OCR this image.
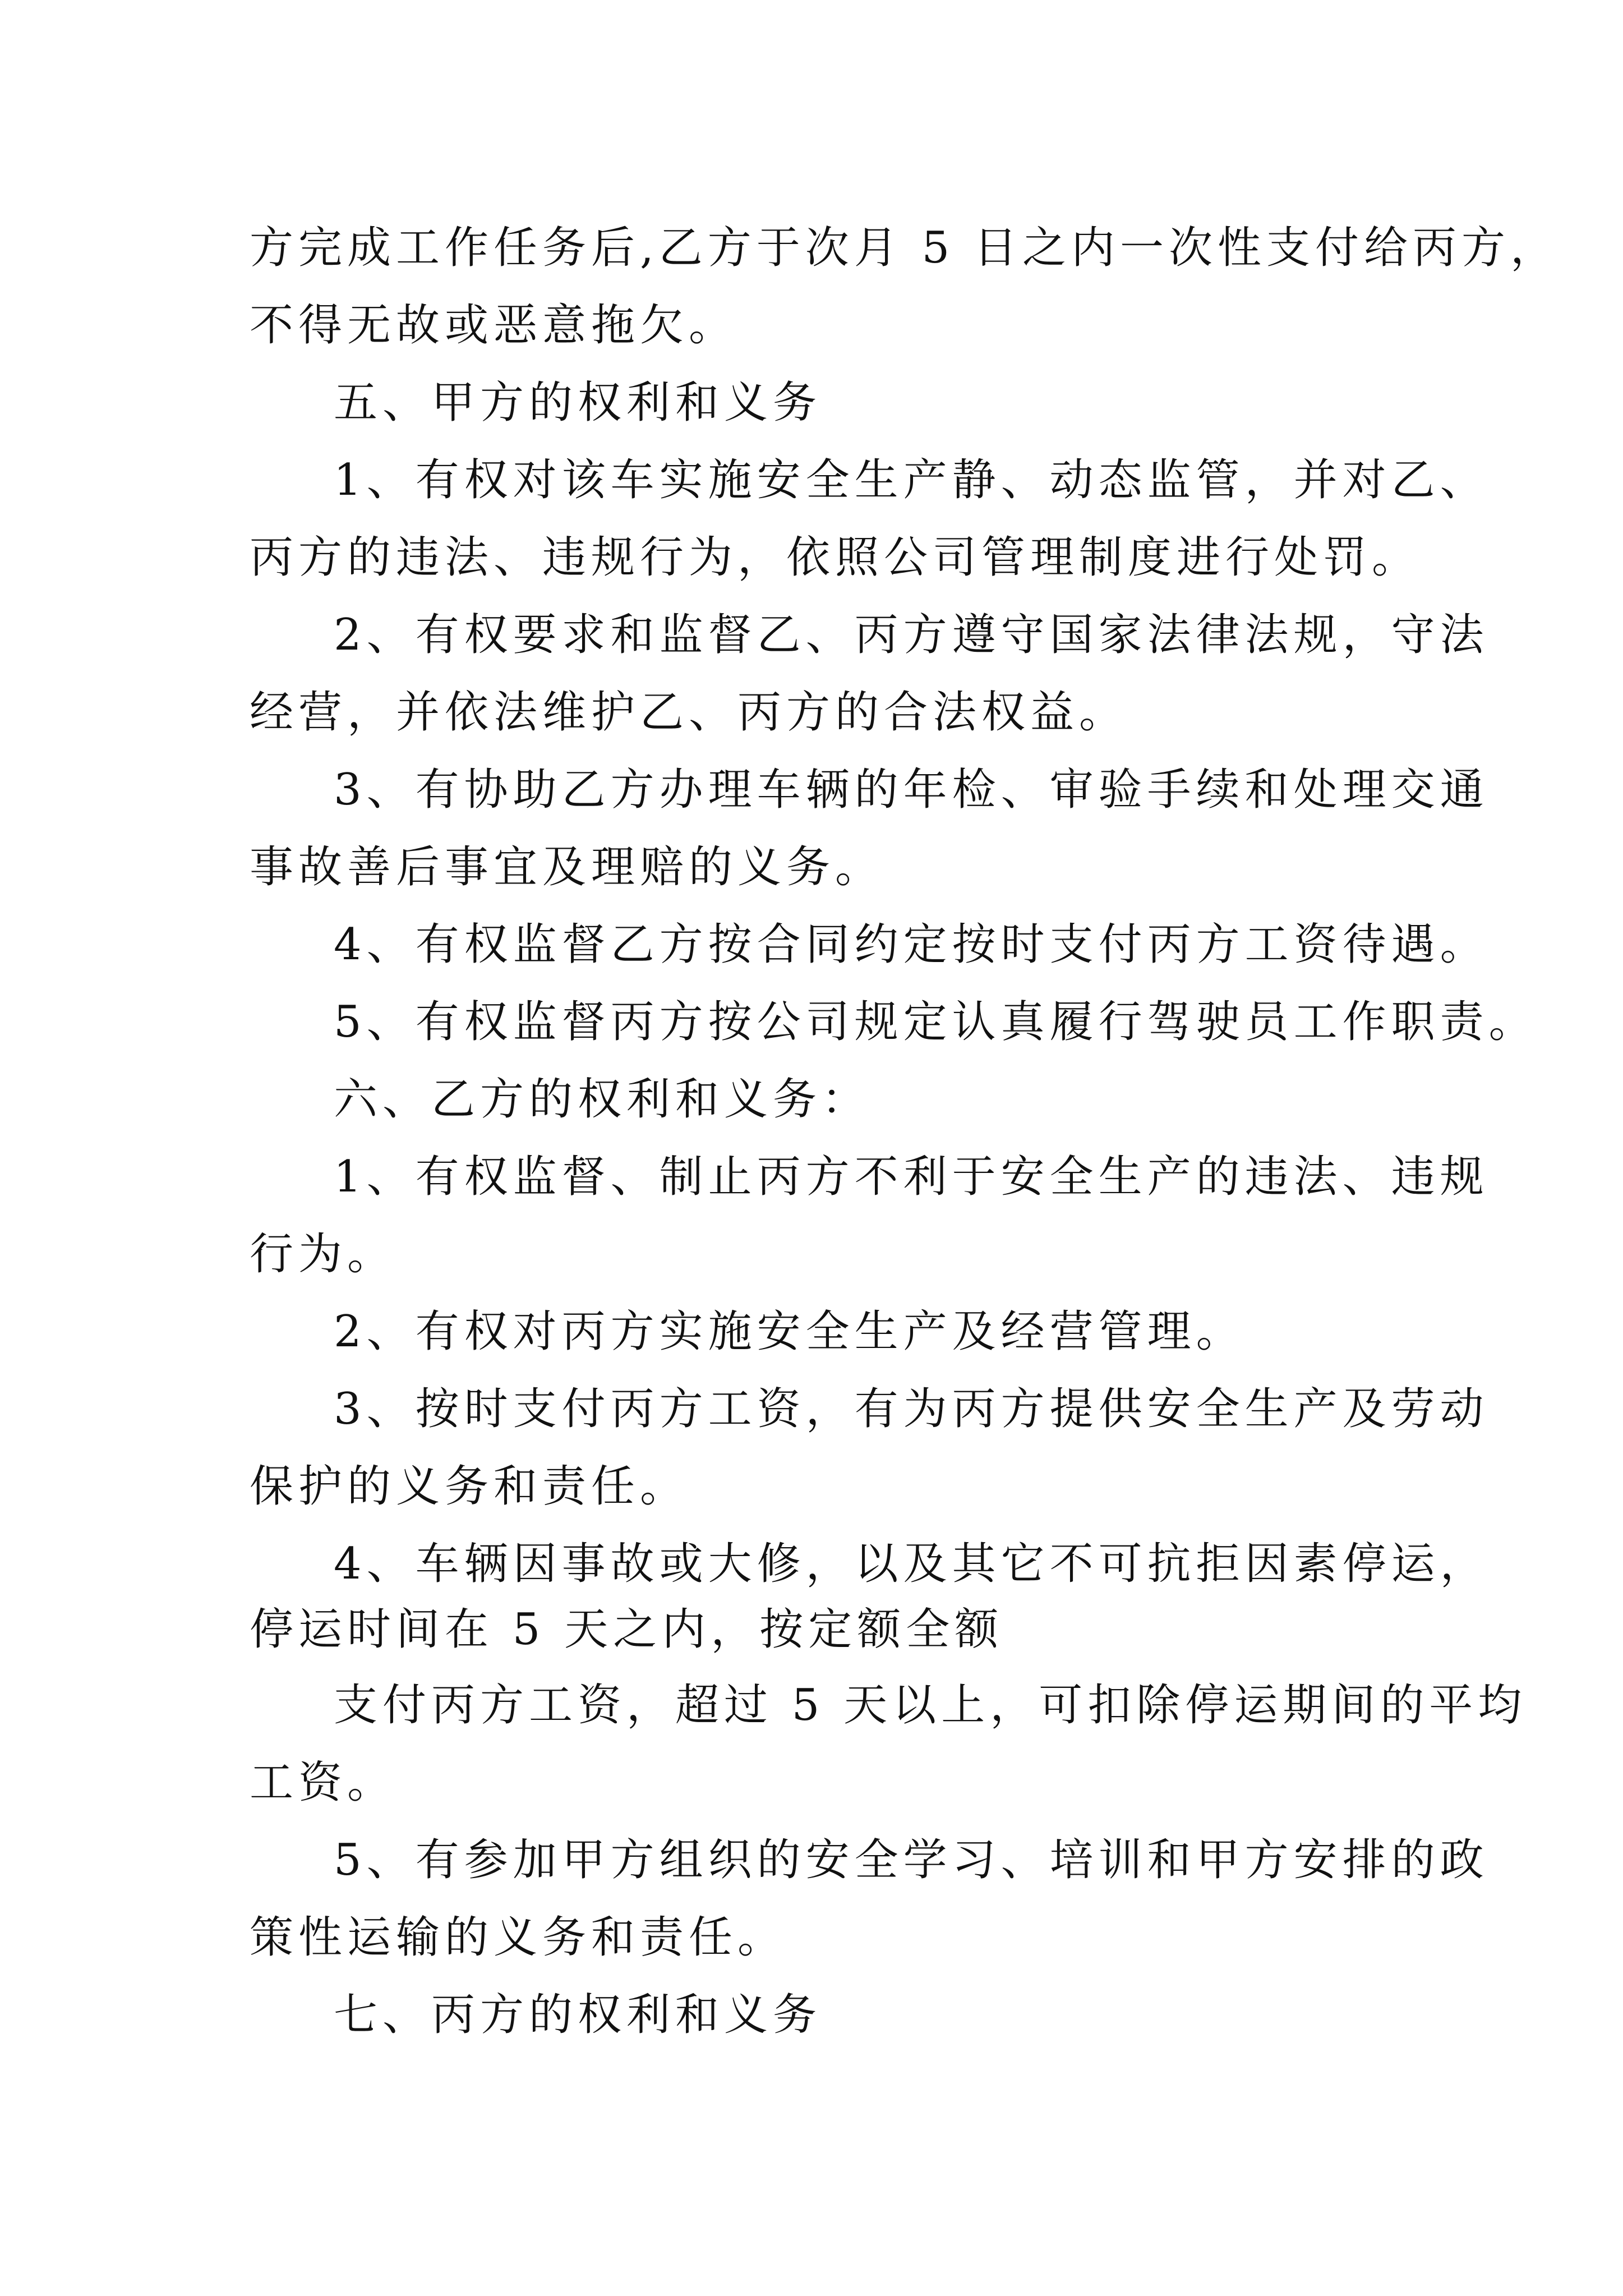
方完成工作任务后,乙方于次月 5 日之内一次性支付给丙方，

不得无故或恶意拖欠。

五、甲方的权利和义务

1、有权对该车实施安全生产静、动态监管，并对乙、

丙方的违法、违规行为，依照公司管理制度进行处罚。

2、有权要求和监督乙、丙方遵守国家法律法规，守法

经营，并依法维护乙、丙方的合法权益。

3、有协助乙方办理车辆的年检、审验手续和处理交通

事故善后事宜及理赔的义务。

4、有权监督乙方按合同约定按时支付丙方工资待遇。

5、有权监督丙方按公司规定认真履行驾驶员工作职责。

六、乙方的权利和义务：

1、有权监督、制止丙方不利于安全生产的违法、违规

行为。

2、有权对丙方实施安全生产及经营管理。

3、按时支付丙方工资，有为丙方提供安全生产及劳动

保护的义务和责任。

4、车辆因事故或大修，以及其它不可抗拒因素停运，

停运时间在 5 天之内，按定额全额

支付丙方工资，超过 5 天以上，可扣除停运期间的平均

工资。

5、有参加甲方组织的安全学习、培训和甲方安排的政

策性运输的义务和责任。

七、丙方的权利和义务
